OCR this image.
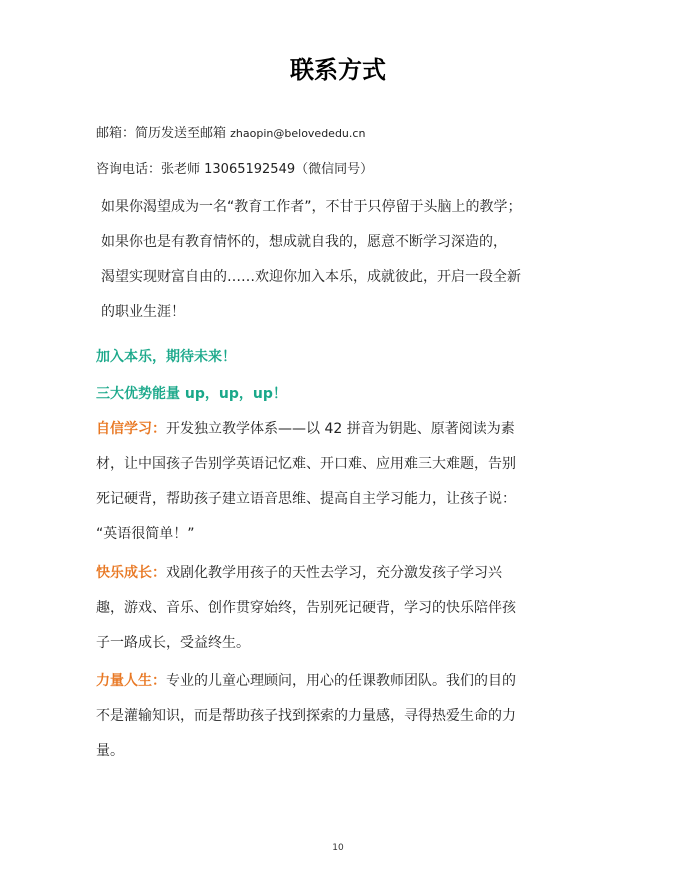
联系方式
邮箱：简历发送至邮箱 zhaopin@belovededu.cn
咨询电话：张老师 13065192549（微信同号）
如果你渴望成为一名“教育工作者”，不甘于只停留于头脑上的教学；
如果你也是有教育情怀的，想成就自我的，愿意不断学习深造的，
渴望实现财富自由的……欢迎你加入本乐，成就彼此，开启一段全新
的职业生涯！
加入本乐，期待未来！
三大优势能量 up，up，up！
自信学习：开发独立教学体系——以 42 拼音为钥匙、原著阅读为素
材，让中国孩子告别学英语记忆难、开口难、应用难三大难题，告别
死记硬背，帮助孩子建立语音思维、提高自主学习能力，让孩子说：
“英语很简单！”
快乐成长：戏剧化教学用孩子的天性去学习，充分激发孩子学习兴
趣，游戏、音乐、创作贯穿始终，告别死记硬背，学习的快乐陪伴孩
子一路成长，受益终生。
力量人生：专业的儿童心理顾问，用心的任课教师团队。我们的目的
不是灌输知识，而是帮助孩子找到探索的力量感，寻得热爱生命的力
量。
10
